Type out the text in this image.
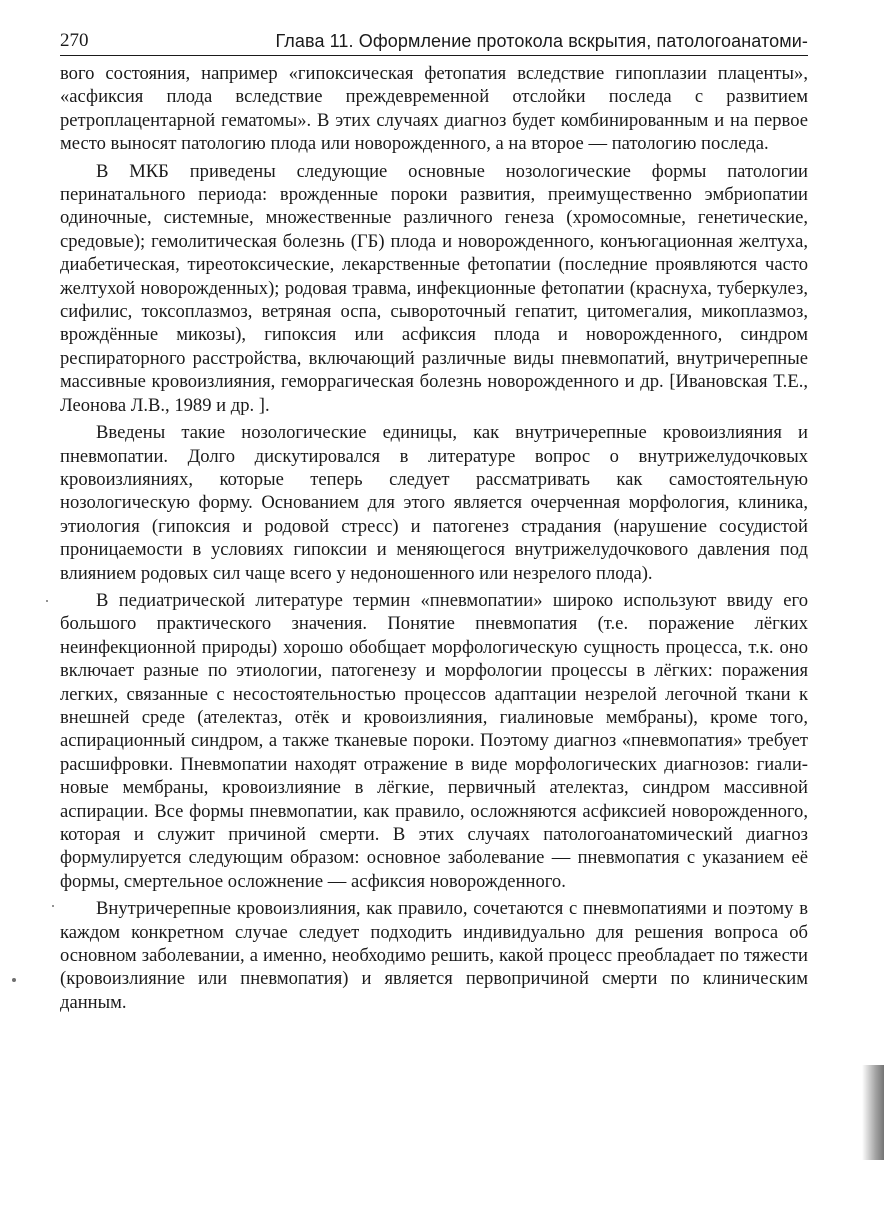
270	Глава 11. Оформление протокола вскрытия, патологоанатоми-

вого состояния, например «гипоксическая фетопатия вследствие гипоплазии плаценты», «асфиксия плода вследствие преждевременной отслойки последа с развитием ретроплацентарной гематомы». В этих случаях диагноз будет комбинированным и на первое место выносят патологию плода или новорожденного, а на второе — патологию последа.

В МКБ приведены следующие основные нозологические формы патологии перинатального периода: врожденные пороки развития, преимущественно эмбриопатии одиночные, системные, множественные различного генеза (хромосомные, генетические, средовые); гемолитическая болезнь (ГБ) плода и новорожденного, конъюгационная желтуха, диабетическая, тиреотоксические, лекарственные фетопатии (последние проявляются часто желтухой новорожденных); родовая травма, инфекционные фетопатии (краснуха, туберкулез, сифилис, токсоплазмоз, ветряная оспа, сывороточный гепатит, цитомегалия, микоплазмоз, врождённые микозы), гипоксия или асфиксия плода и новорожденного, синдром респираторного расстройства, включающий различные виды пневмопатий, внутричерепные массивные кровоизлияния, геморрагическая болезнь новорожденного и др. [Ивановская Т.Е., Леонова Л.В., 1989 и др. ].

Введены такие нозологические единицы, как внутричерепные кровоизлияния и пневмопатии. Долго дискутировался в литературе вопрос о внутрижелудочковых кровоизлияниях, которые теперь следует рассматривать как самостоятельную нозологическую форму. Основанием для этого является очерченная морфология, клиника, этиология (гипоксия и родовой стресс) и патогенез страдания (нарушение сосудистой проницаемости в условиях гипоксии и меняющегося внутрижелудочкового давления под влиянием родовых сил чаще всего у недоношенного или незрелого плода).

В педиатрической литературе термин «пневмопатии» широко используют ввиду его большого практического значения. Понятие пневмопатия (т.е. поражение лёгких неинфекционной природы) хорошо обобщает морфологическую сущность процесса, т.к. оно включает разные по этиологии, патогенезу и морфологии процессы в лёгких: поражения легких, связанные с несостоятельностью процессов адаптации незрелой легочной ткани к внешней среде (ателектаз, отёк и кровоизлияния, гиалиновые мембраны), кроме того, аспирационный синдром, а также тканевые пороки. Поэтому диагноз «пневмопатия» требует расшифровки. Пневмопатии находят отражение в виде морфологических диагнозов: гиалиновые мембраны, кровоизлияние в лёгкие, первичный ателектаз, синдром массивной аспирации. Все формы пневмопатии, как правило, осложняются асфиксией новорожденного, которая и служит причиной смерти. В этих случаях патологоанатомический диагноз формулируется следующим образом: основное заболевание — пневмопатия с указанием её формы, смертельное осложнение — асфиксия новорожденного.

Внутричерепные кровоизлияния, как правило, сочетаются с пневмопатиями и поэтому в каждом конкретном случае следует подходить индивидуально для решения вопроса об основном заболевании, а именно, необходимо решить, какой процесс преобладает по тяжести (кровоизлияние или пневмопатия) и является первопричиной смерти по клиническим данным.
